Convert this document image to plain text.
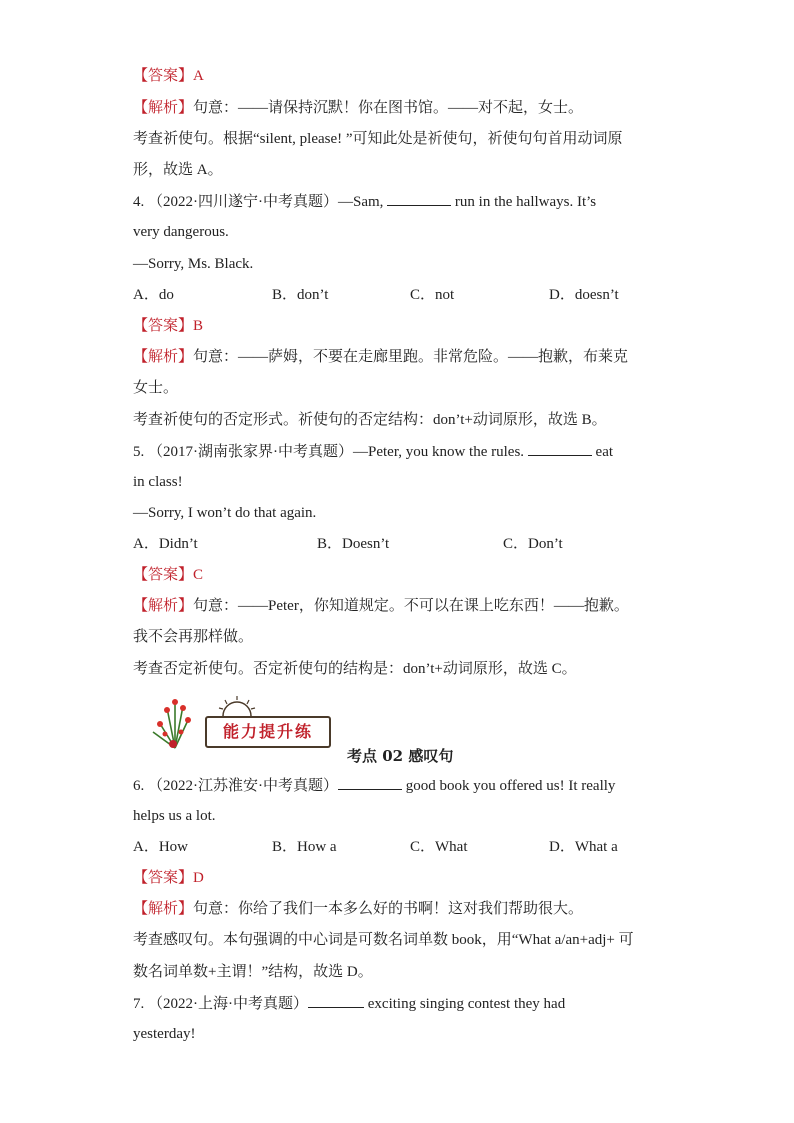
【答案】A
【解析】句意：——请保持沉默！你在图书馆。——对不起，女士。
考查祈使句。根据“silent, please! ”可知此处是祈使句，祈使句句首用动词原
形，故选 A。
4. （2022·四川遂宁·中考真题）—Sam,	run in the hallways. It’s
very dangerous.
—Sorry, Ms. Black.
A．do	B．don’t	C．not	D．doesn’t
【答案】B
【解析】句意：——萨姆，不要在走廊里跑。非常危险。——抱歉，布莱克
女士。
考查祈使句的否定形式。祈使句的否定结构：don’t+动词原形，故选 B。
5. （2017·湖南张家界·中考真题）—Peter, you know the rules.	eat
in class!
—Sorry, I won’t do that again.
A．Didn’t	B．Doesn’t	C．Don’t
【答案】C
【解析】句意：——Peter，你知道规定。不可以在课上吃东西！——抱歉。
我不会再那样做。
考查否定祈使句。否定祈使句的结构是：don’t+动词原形，故选 C。
能力提升练
考点 02 感叹句
6. （2022·江苏淮安·中考真题）	good book you offered us! It really
helps us a lot.
A．How	B．How a	C．What	D．What a
【答案】D
【解析】句意：你给了我们一本多么好的书啊！这对我们帮助很大。
考查感叹句。本句强调的中心词是可数名词单数 book，用“What a/an+adj+ 可
数名词单数+主谓！”结构，故选 D。
7. （2022·上海·中考真题）	exciting singing contest they had
yesterday!
